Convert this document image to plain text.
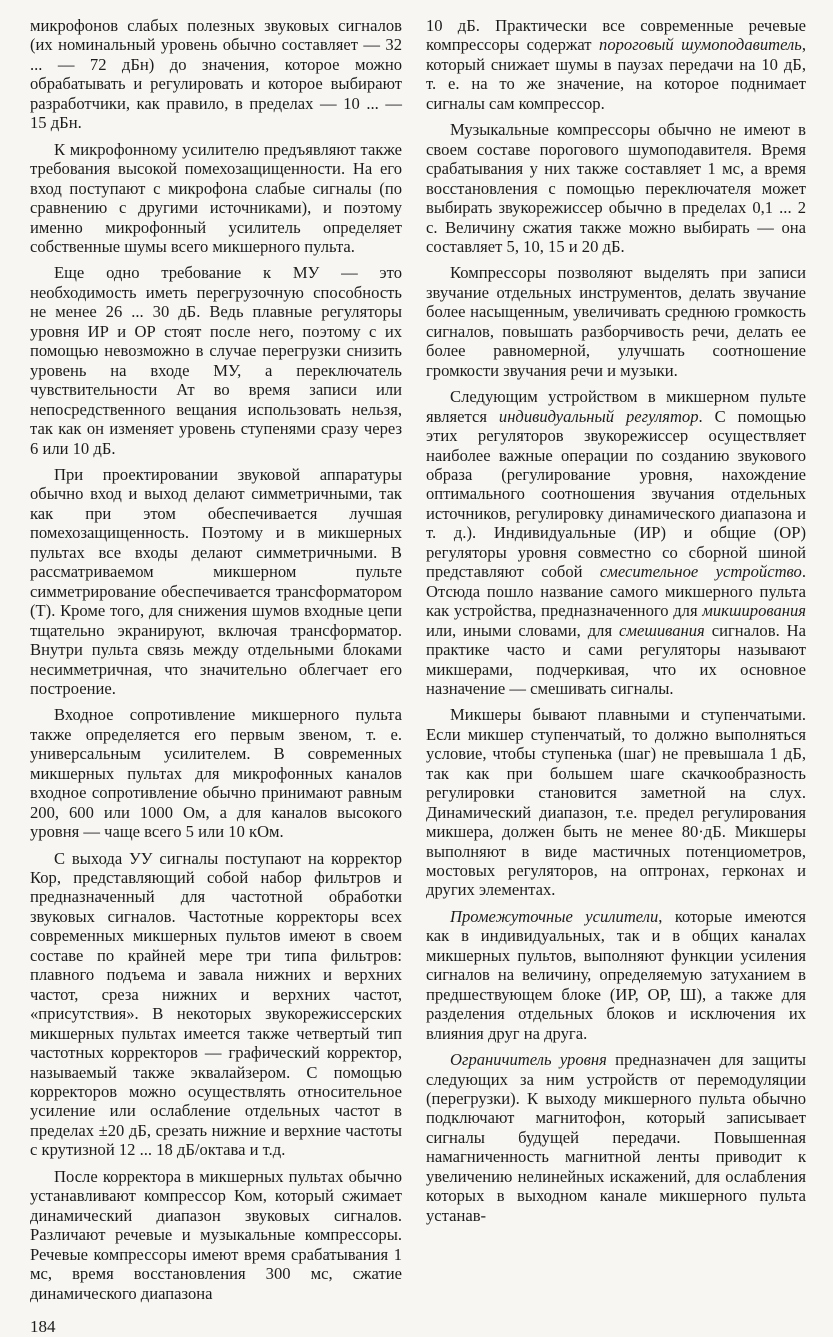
микрофонов слабых полезных звуковых сигналов (их номинальный уровень обычно составляет — 32 ... — 72 дБн) до значения, которое можно обрабатывать и регулировать и которое выбирают разработчики, как правило, в пределах — 10 ... — 15 дБн.

К микрофонному усилителю предъявляют также требования высокой помехозащищенности. На его вход поступают с микрофона слабые сигналы (по сравнению с другими источниками), и поэтому именно микрофонный усилитель определяет собственные шумы всего микшерного пульта.

Еще одно требование к МУ — это необходимость иметь перегрузочную способность не менее 26 ... 30 дБ. Ведь плавные регуляторы уровня ИР и ОР стоят после него, поэтому с их помощью невозможно в случае перегрузки снизить уровень на входе МУ, а переключатель чувствительности Ат во время записи или непосредственного вещания использовать нельзя, так как он изменяет уровень ступенями сразу через 6 или 10 дБ.

При проектировании звуковой аппаратуры обычно вход и выход делают симметричными, так как при этом обеспечивается лучшая помехозащищенность. Поэтому и в микшерных пультах все входы делают симметричными. В рассматриваемом микшерном пульте симметрирование обеспечивается трансформатором (Т). Кроме того, для снижения шумов входные цепи тщательно экранируют, включая трансформатор. Внутри пульта связь между отдельными блоками несимметричная, что значительно облегчает его построение.

Входное сопротивление микшерного пульта также определяется его первым звеном, т. е. универсальным усилителем. В современных микшерных пультах для микрофонных каналов входное сопротивление обычно принимают равным 200, 600 или 1000 Ом, а для каналов высокого уровня — чаще всего 5 или 10 кОм.

С выхода УУ сигналы поступают на корректор Кор, представляющий собой набор фильтров и предназначенный для частотной обработки звуковых сигналов. Частотные корректоры всех современных микшерных пультов имеют в своем составе по крайней мере три типа фильтров: плавного подъема и завала нижних и верхних частот, среза нижних и верхних частот, «присутствия». В некоторых звукорежиссерских микшерных пультах имеется также четвертый тип частотных корректоров — графический корректор, называемый также эквалайзером. С помощью корректоров можно осуществлять относительное усиление или ослабление отдельных частот в пределах ±20 дБ, срезать нижние и верхние частоты с крутизной 12 ... 18 дБ/октава и т.д.

После корректора в микшерных пультах обычно устанавливают компрессор Ком, который сжимает динамический диапазон звуковых сигналов. Различают речевые и музыкальные компрессоры. Речевые компрессоры имеют время срабатывания 1 мс, время восстановления 300 мс, сжатие динамического диапазона

184

10 дБ. Практически все современные речевые компрессоры содержат пороговый шумоподавитель, который снижает шумы в паузах передачи на 10 дБ, т. е. на то же значение, на которое поднимает сигналы сам компрессор.

Музыкальные компрессоры обычно не имеют в своем составе порогового шумоподавителя. Время срабатывания у них также составляет 1 мс, а время восстановления с помощью переключателя может выбирать звукорежиссер обычно в пределах 0,1 ... 2 с. Величину сжатия также можно выбирать — она составляет 5, 10, 15 и 20 дБ.

Компрессоры позволяют выделять при записи звучание отдельных инструментов, делать звучание более насыщенным, увеличивать среднюю громкость сигналов, повышать разборчивость речи, делать ее более равномерной, улучшать соотношение громкости звучания речи и музыки.

Следующим устройством в микшерном пульте является индивидуальный регулятор. С помощью этих регуляторов звукорежиссер осуществляет наиболее важные операции по созданию звукового образа (регулирование уровня, нахождение оптимального соотношения звучания отдельных источников, регулировку динамического диапазона и т. д.). Индивидуальные (ИР) и общие (ОР) регуляторы уровня совместно со сборной шиной представляют собой смесительное устройство. Отсюда пошло название самого микшерного пульта как устройства, предназначенного для микширования или, иными словами, для смешивания сигналов. На практике часто и сами регуляторы называют микшерами, подчеркивая, что их основное назначение — смешивать сигналы.

Микшеры бывают плавными и ступенчатыми. Если микшер ступенчатый, то должно выполняться условие, чтобы ступенька (шаг) не превышала 1 дБ, так как при большем шаге скачкообразность регулировки становится заметной на слух. Динамический диапазон, т.е. предел регулирования микшера, должен быть не менее 80·дБ. Микшеры выполняют в виде мастичных потенциометров, мостовых регуляторов, на оптронах, герконах и других элементах.

Промежуточные усилители, которые имеются как в индивидуальных, так и в общих каналах микшерных пультов, выполняют функции усиления сигналов на величину, определяемую затуханием в предшествующем блоке (ИР, ОР, Ш), а также для разделения отдельных блоков и исключения их влияния друг на друга.

Ограничитель уровня предназначен для защиты следующих за ним устройств от перемодуляции (перегрузки). К выходу микшерного пульта обычно подключают магнитофон, который записывает сигналы будущей передачи. Повышенная намагниченность магнитной ленты приводит к увеличению нелинейных искажений, для ослабления которых в выходном канале микшерного пульта устанав-
